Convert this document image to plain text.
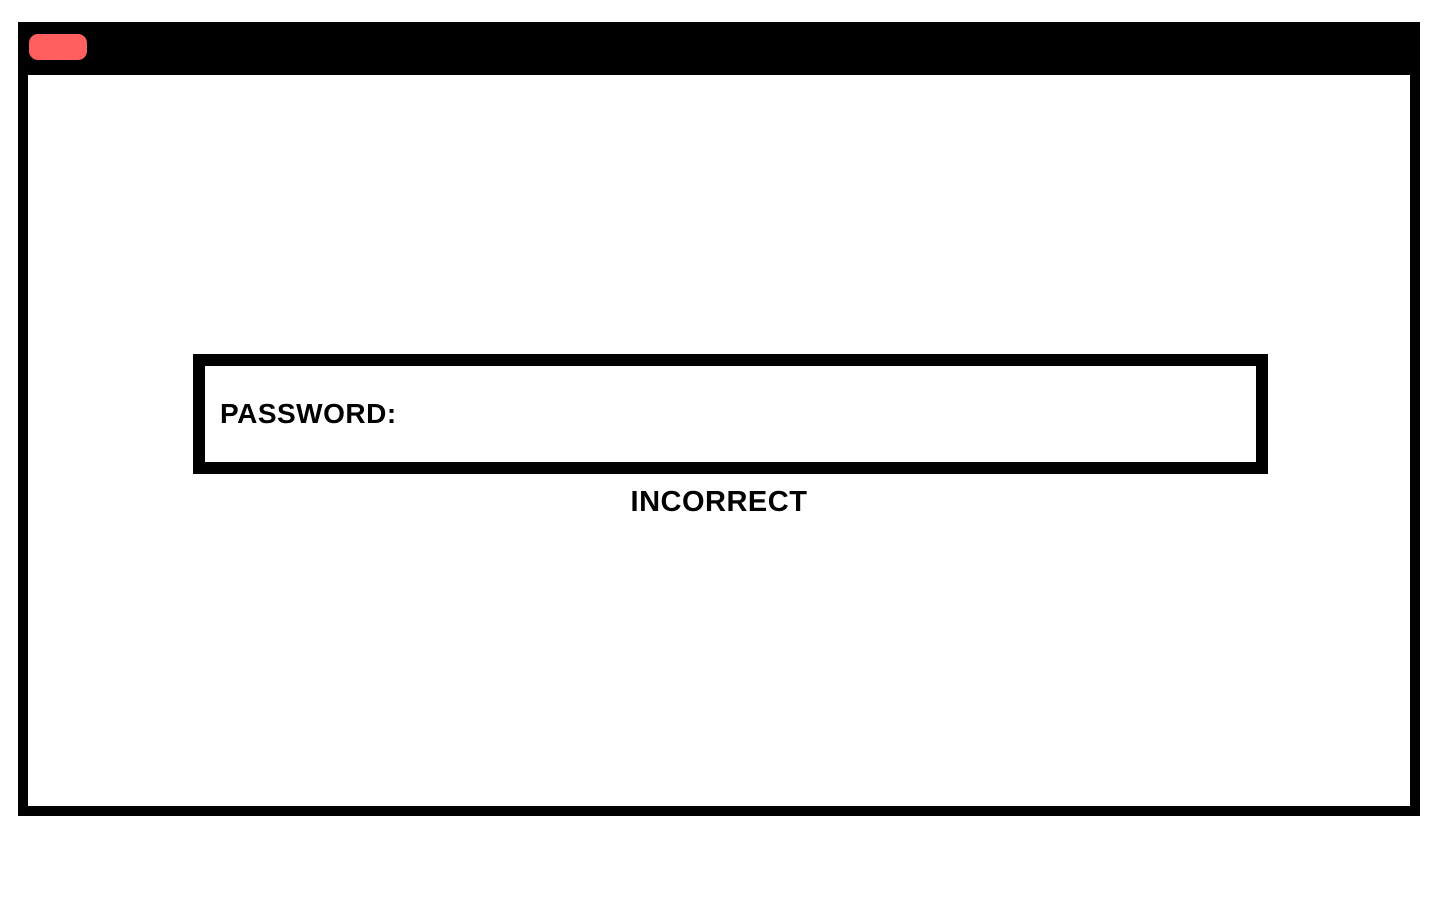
PASSWORD:
INCORRECT
